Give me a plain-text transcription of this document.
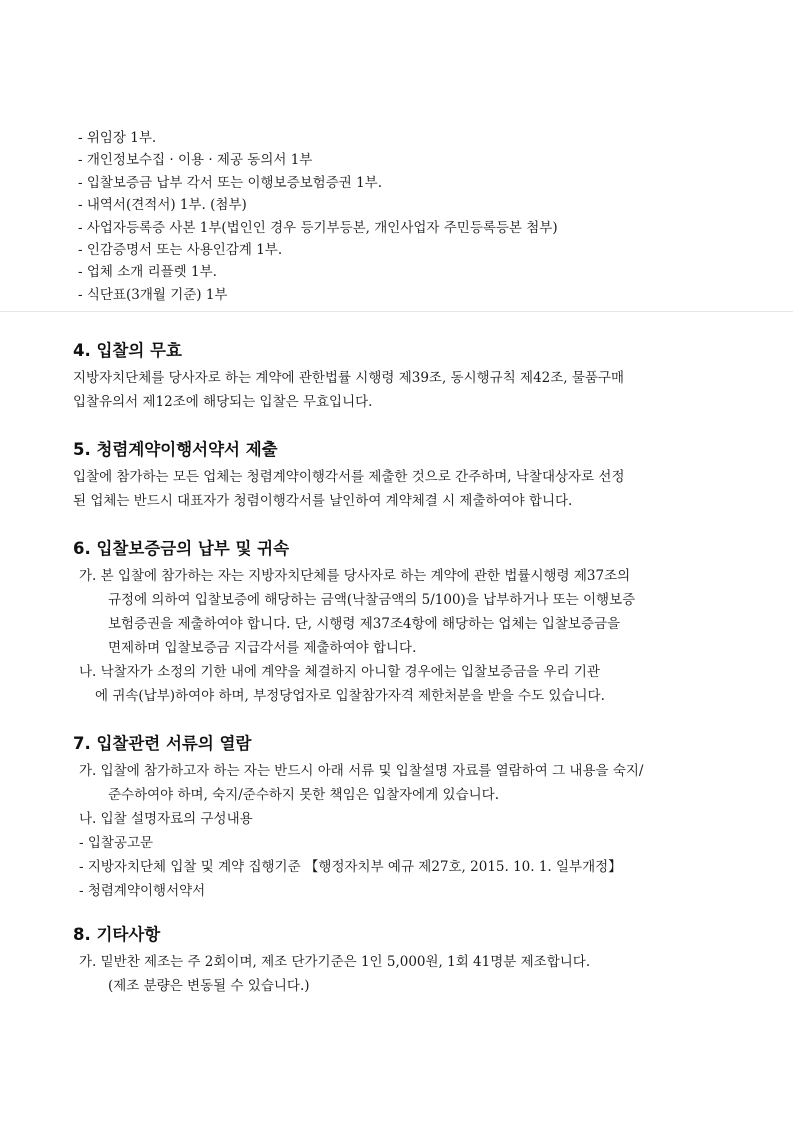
- 위임장 1부.
- 개인정보수집 · 이용 · 제공 동의서 1부
- 입찰보증금 납부 각서 또는 이행보증보험증권 1부.
- 내역서(견적서) 1부. (첨부)
- 사업자등록증 사본 1부(법인인 경우 등기부등본, 개인사업자 주민등록등본 첨부)
- 인감증명서 또는 사용인감계 1부.
- 업체 소개 리플렛 1부.
- 식단표(3개월 기준) 1부
4. 입찰의 무효
지방자치단체를 당사자로 하는 계약에 관한법률 시행령 제39조, 동시행규칙 제42조, 물품구매
입찰유의서 제12조에 해당되는 입찰은 무효입니다.
5. 청렴계약이행서약서 제출
입찰에 참가하는 모든 업체는 청렴계약이행각서를 제출한 것으로 간주하며, 낙찰대상자로 선정
된 업체는 반드시 대표자가 청렴이행각서를 날인하여 계약체결 시 제출하여야 합니다.
6. 입찰보증금의 납부 및 귀속
가. 본 입찰에 참가하는 자는 지방자치단체를 당사자로 하는 계약에 관한 법률시행령 제37조의
규정에 의하여 입찰보증에 해당하는 금액(낙찰금액의 5/100)을 납부하거나 또는 이행보증
보험증권을 제출하여야 합니다. 단, 시행령 제37조4항에 해당하는 업체는 입찰보증금을
면제하며 입찰보증금 지급각서를 제출하여야 합니다.
나. 낙찰자가 소정의 기한 내에 계약을 체결하지 아니할 경우에는 입찰보증금을 우리 기관
에 귀속(납부)하여야 하며, 부정당업자로 입찰참가자격 제한처분을 받을 수도 있습니다.
7. 입찰관련 서류의 열람
가. 입찰에 참가하고자 하는 자는 반드시 아래 서류 및 입찰설명 자료를 열람하여 그 내용을 숙지/
준수하여야 하며, 숙지/준수하지 못한 책임은 입찰자에게 있습니다.
나. 입찰 설명자료의 구성내용
- 입찰공고문
- 지방자치단체 입찰 및 계약 집행기준 【행정자치부 예규 제27호, 2015. 10. 1. 일부개정】
- 청렴계약이행서약서
8. 기타사항
가. 밑반찬 제조는 주 2회이며, 제조 단가기준은 1인 5,000원, 1회 41명분 제조합니다.
(제조 분량은 변동될 수 있습니다.)
